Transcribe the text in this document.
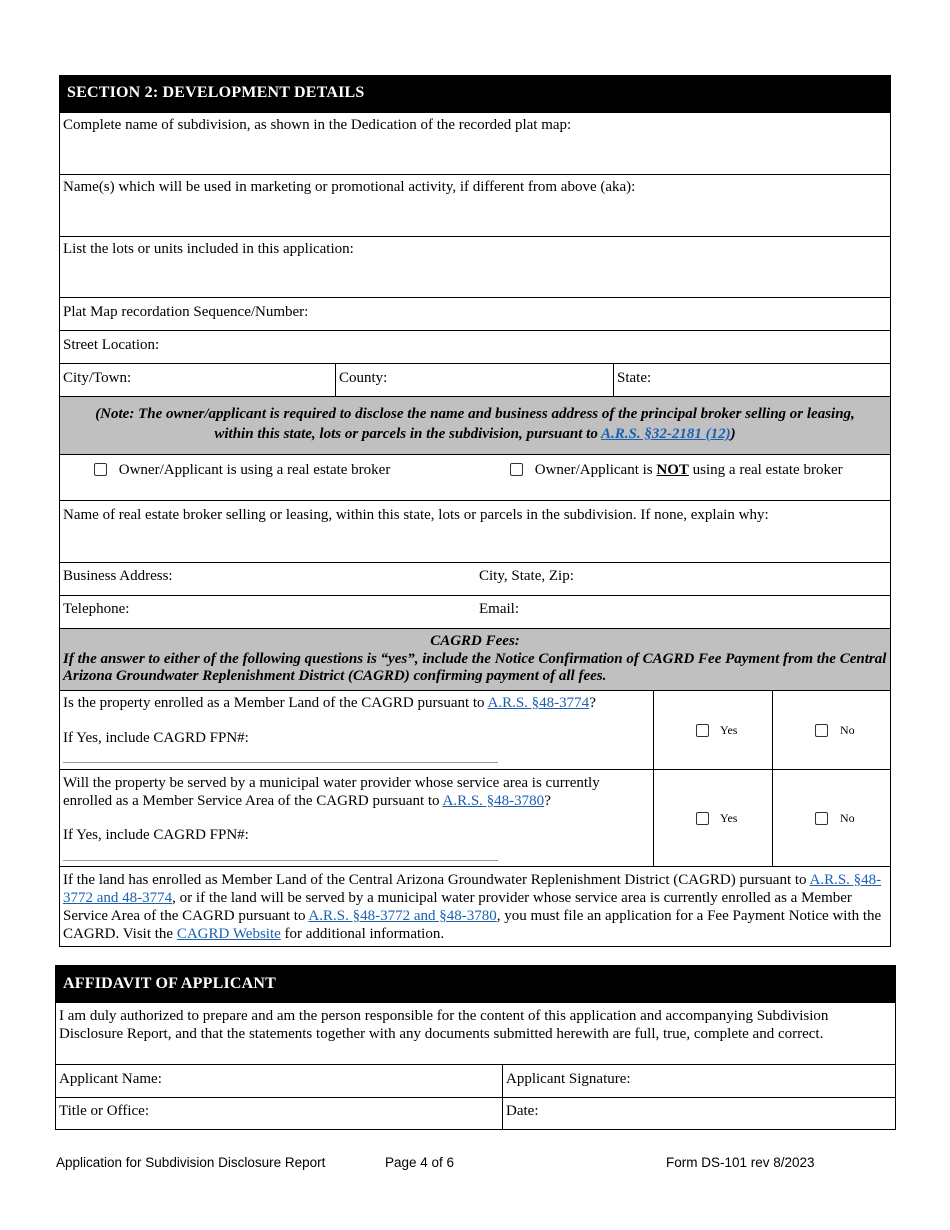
SECTION 2: DEVELOPMENT DETAILS
Complete name of subdivision, as shown in the Dedication of the recorded plat map:
Name(s) which will be used in marketing or promotional activity, if different from above (aka):
List the lots or units included in this application:
Plat Map recordation Sequence/Number:
Street Location:
City/Town:	County:	State:
(Note: The owner/applicant is required to disclose the name and business address of the principal broker selling or leasing, within this state, lots or parcels in the subdivision, pursuant to A.R.S. §32-2181 (12))
Owner/Applicant is using a real estate broker	Owner/Applicant is NOT using a real estate broker
Name of real estate broker selling or leasing, within this state, lots or parcels in the subdivision. If none, explain why:
Business Address:	City, State, Zip:
Telephone:	Email:
CAGRD Fees:
If the answer to either of the following questions is “yes”, include the Notice Confirmation of CAGRD Fee Payment from the Central Arizona Groundwater Replenishment District (CAGRD) confirming payment of all fees.
Is the property enrolled as a Member Land of the CAGRD pursuant to A.R.S. §48-3774?
If Yes, include CAGRD FPN#:	Yes	No
Will the property be served by a municipal water provider whose service area is currently enrolled as a Member Service Area of the CAGRD pursuant to A.R.S. §48-3780?
If Yes, include CAGRD FPN#:
Yes	No
If the land has enrolled as Member Land of the Central Arizona Groundwater Replenishment District (CAGRD) pursuant to A.R.S. §48-3772 and 48-3774, or if the land will be served by a municipal water provider whose service area is currently enrolled as a Member Service Area of the CAGRD pursuant to A.R.S. §48-3772 and §48-3780, you must file an application for a Fee Payment Notice with the CAGRD. Visit the CAGRD Website for additional information.
AFFIDAVIT OF APPLICANT
I am duly authorized to prepare and am the person responsible for the content of this application and accompanying Subdivision Disclosure Report, and that the statements together with any documents submitted herewith are full, true, complete and correct.
Applicant Name:	Applicant Signature:
Title or Office:	Date:
Application for Subdivision Disclosure Report	Page 4 of 6	Form DS-101 rev 8/2023
